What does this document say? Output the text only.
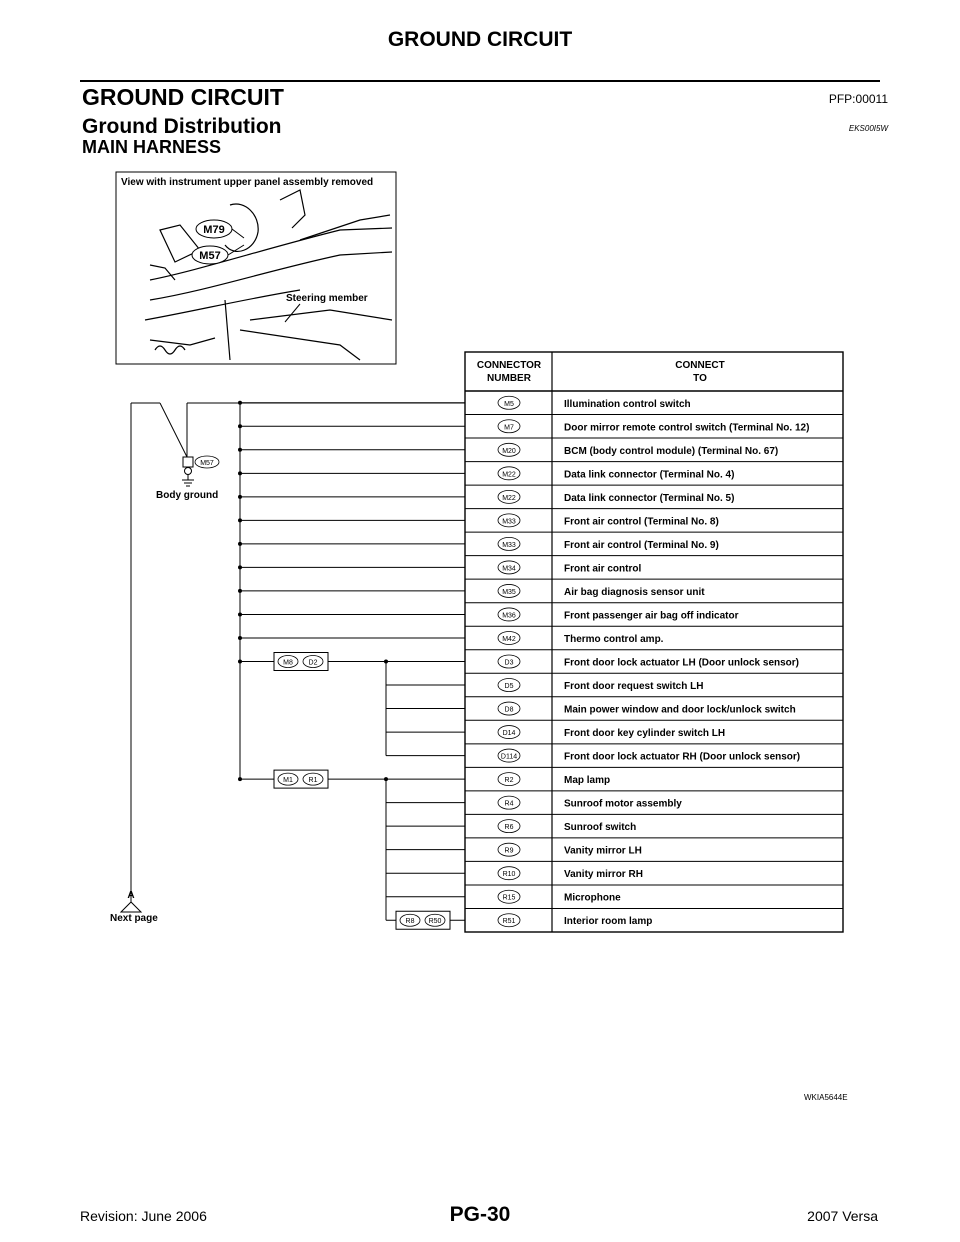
GROUND CIRCUIT
GROUND CIRCUIT	PFP:00011
Ground Distribution	EKS00I5W
MAIN HARNESS
View with instrument upper panel assembly removed
M79
M57
Steering member
CONNECTOR
NUMBER
CONNECT
TO
M5	Illumination control switch
M7	Door mirror remote control switch (Terminal No. 12)
M20	BCM (body control module) (Terminal No. 67)
M22	Data link connector (Terminal No. 4)
M22	Data link connector (Terminal No. 5)
M33	Front air control (Terminal No. 8)
M33	Front air control (Terminal No. 9)
M34	Front air control
M35	Air bag diagnosis sensor unit
M36	Front passenger air bag off indicator
M42	Thermo control amp.
D3	Front door lock actuator LH (Door unlock sensor)
D5	Front door request switch LH
D8	Main power window and door lock/unlock switch
D14	Front door key cylinder switch LH
D114	Front door lock actuator RH (Door unlock sensor)
R2	Map lamp
R4	Sunroof motor assembly
R6	Sunroof switch
R9	Vanity mirror LH
R10	Vanity mirror RH
R15	Microphone
R51	Interior room lamp
M57
Body ground
M8 D2
M1 R1
R8 R50
A
Next page
WKIA5644E
Revision: June 2006	PG-30	2007 Versa
